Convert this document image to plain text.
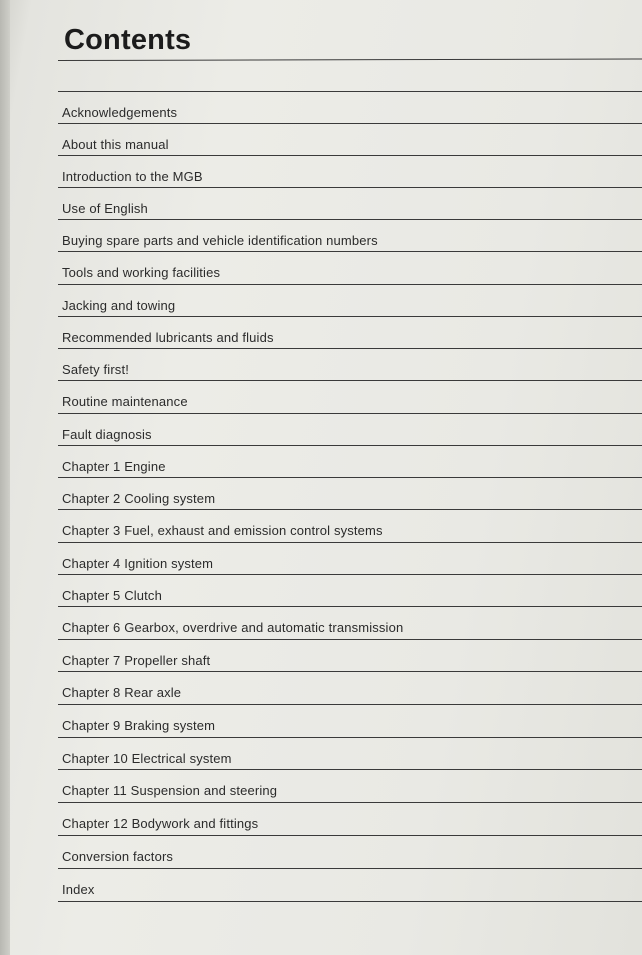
Contents
Acknowledgements
About this manual
Introduction to the MGB
Use of English
Buying spare parts and vehicle identification numbers
Tools and working facilities
Jacking and towing
Recommended lubricants and fluids
Safety first!
Routine maintenance
Fault diagnosis
Chapter 1 Engine
Chapter 2 Cooling system
Chapter 3 Fuel, exhaust and emission control systems
Chapter 4 Ignition system
Chapter 5 Clutch
Chapter 6 Gearbox, overdrive and automatic transmission
Chapter 7 Propeller shaft
Chapter 8 Rear axle
Chapter 9 Braking system
Chapter 10 Electrical system
Chapter 11 Suspension and steering
Chapter 12 Bodywork and fittings
Conversion factors
Index
